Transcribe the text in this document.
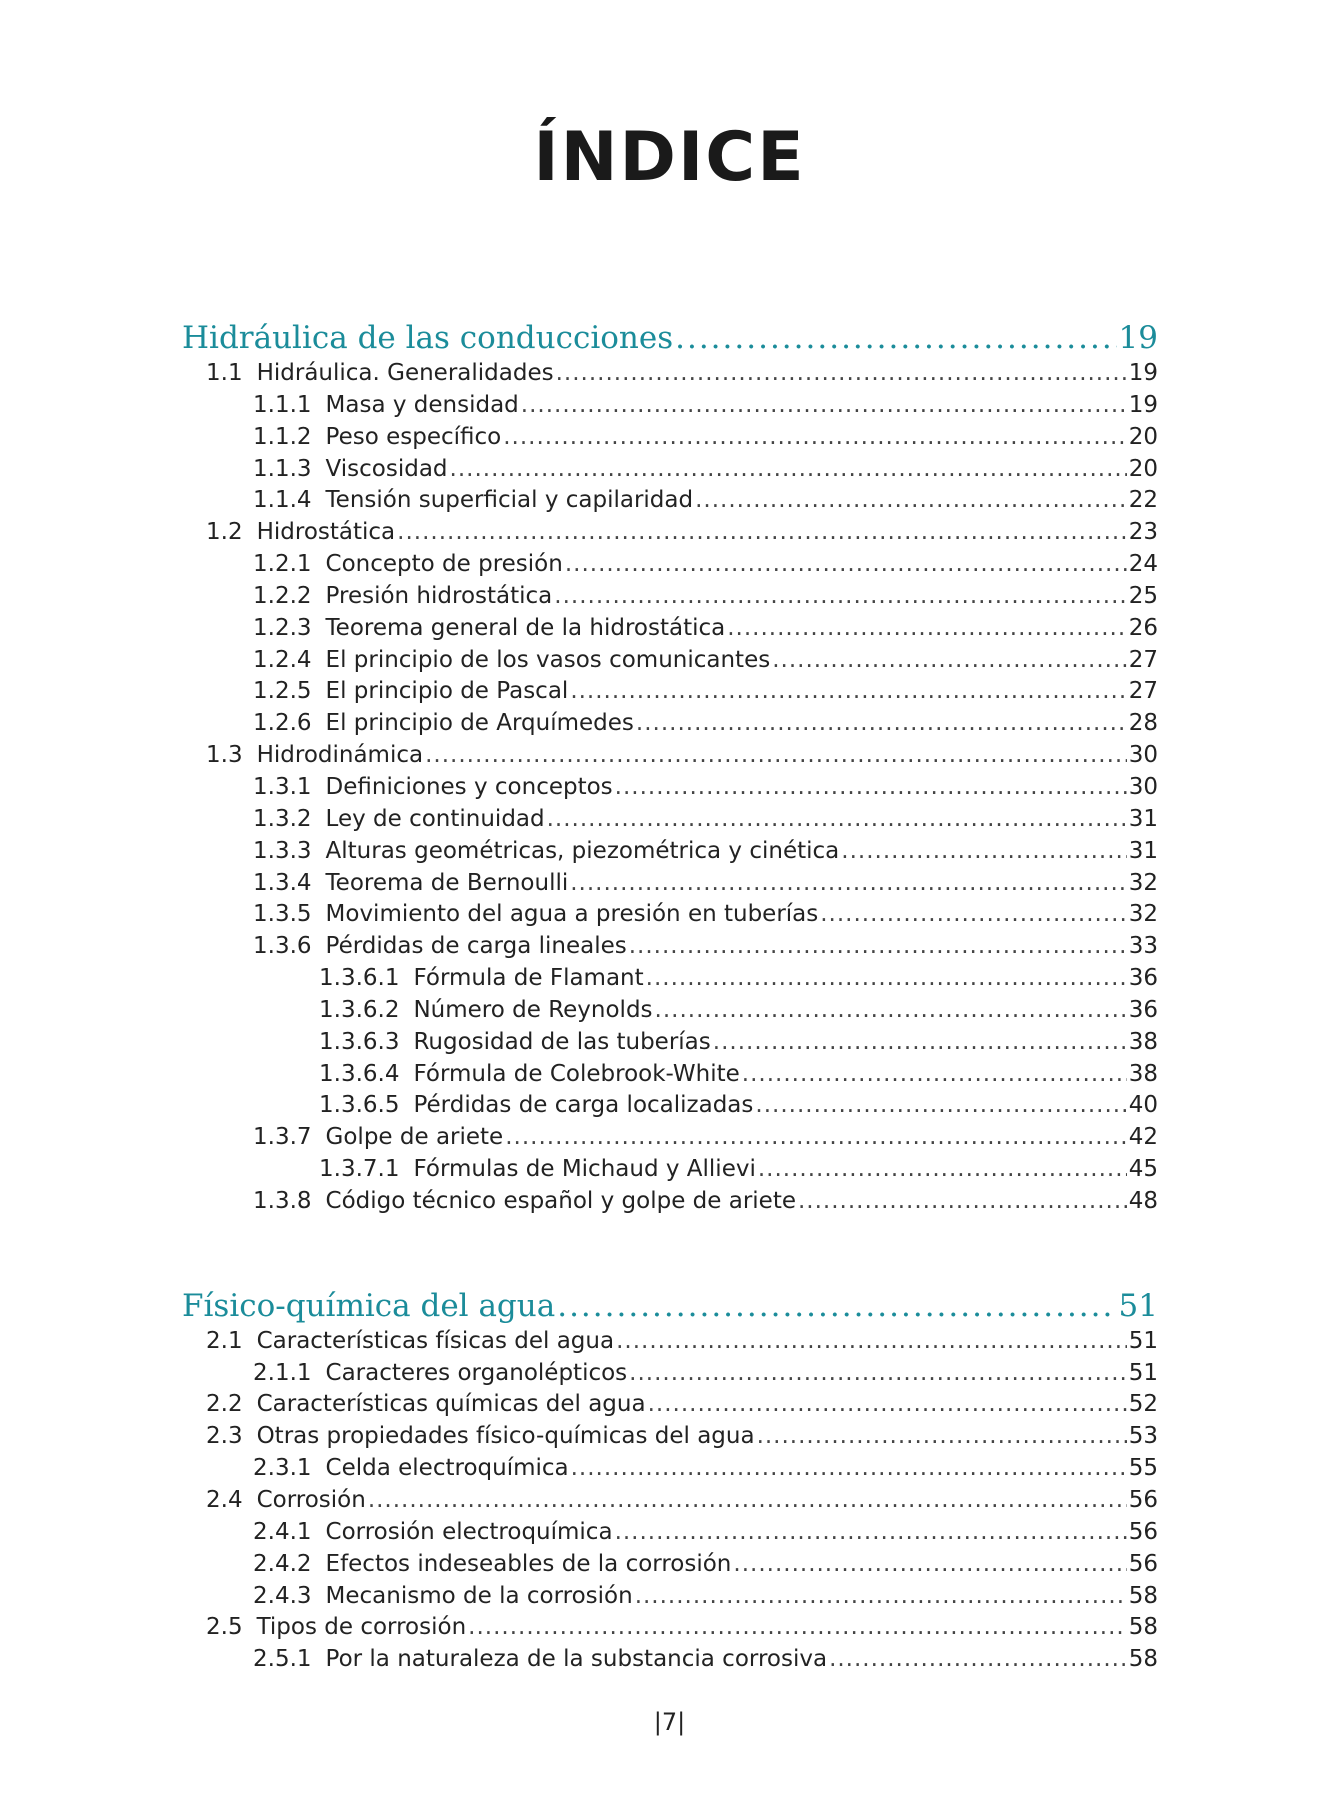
ÍNDICE
Hidráulica de las conducciones .....	19
1.1 Hidráulica. Generalidades .....	19
1.1.1 Masa y densidad .....	19
1.1.2 Peso específico .....	20
1.1.3 Viscosidad .....	20
1.1.4 Tensión superficial y capilaridad .....	22
1.2 Hidrostática .....	23
1.2.1 Concepto de presión .....	24
1.2.2 Presión hidrostática .....	25
1.2.3 Teorema general de la hidrostática .....	26
1.2.4 El principio de los vasos comunicantes .....	27
1.2.5 El principio de Pascal .....	27
1.2.6 El principio de Arquímedes .....	28
1.3 Hidrodinámica .....	30
1.3.1 Definiciones y conceptos .....	30
1.3.2 Ley de continuidad .....	31
1.3.3 Alturas geométricas, piezométrica y cinética .....	31
1.3.4 Teorema de Bernoulli .....	32
1.3.5 Movimiento del agua a presión en tuberías .....	32
1.3.6 Pérdidas de carga lineales .....	33
1.3.6.1 Fórmula de Flamant .....	36
1.3.6.2 Número de Reynolds .....	36
1.3.6.3 Rugosidad de las tuberías .....	38
1.3.6.4 Fórmula de Colebrook-White .....	38
1.3.6.5 Pérdidas de carga localizadas .....	40
1.3.7 Golpe de ariete .....	42
1.3.7.1 Fórmulas de Michaud y Allievi .....	45
1.3.8 Código técnico español y golpe de ariete .....	48
Físico-química del agua .....	51
2.1 Características físicas del agua .....	51
2.1.1 Caracteres organolépticos .....	51
2.2 Características químicas del agua .....	52
2.3 Otras propiedades físico-químicas del agua .....	53
2.3.1 Celda electroquímica .....	55
2.4 Corrosión .....	56
2.4.1 Corrosión electroquímica .....	56
2.4.2 Efectos indeseables de la corrosión .....	56
2.4.3 Mecanismo de la corrosión .....	58
2.5 Tipos de corrosión .....	58
2.5.1 Por la naturaleza de la substancia corrosiva .....	58
|7|
